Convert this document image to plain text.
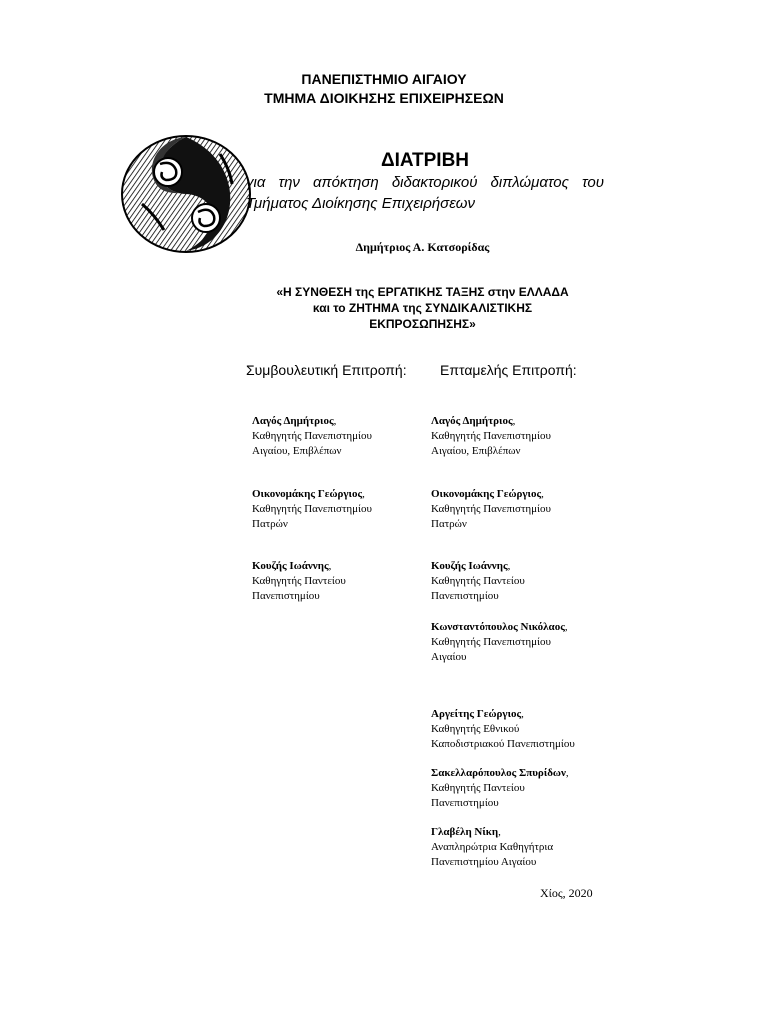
ΠΑΝΕΠΙΣΤΗΜΙΟ ΑΙΓΑΙΟΥ
ΤΜΗΜΑ ΔΙΟΙΚΗΣΗΣ ΕΠΙΧΕΙΡΗΣΕΩΝ
ΔΙΑΤΡΙΒΗ
για την απόκτηση διδακτορικού διπλώματος του Τμήματος Διοίκησης Επιχειρήσεων
Δημήτριος Α. Κατσορίδας
«Η ΣΥΝΘΕΣΗ της ΕΡΓΑΤΙΚΗΣ ΤΑΞΗΣ στην ΕΛΛΑΔΑ
και το ΖΗΤΗΜΑ της ΣΥΝΔΙΚΑΛΙΣΤΙΚΗΣ
ΕΚΠΡΟΣΩΠΗΣΗΣ»
Συμβουλευτική Επιτροπή: Επταμελής Επιτροπή:
Λαγός Δημήτριος,
Καθηγητής Πανεπιστημίου
Αιγαίου, Επιβλέπων
Οικονομάκης Γεώργιος,
Καθηγητής Πανεπιστημίου
Πατρών
Κουζής Ιωάννης,
Καθηγητής Παντείου
Πανεπιστημίου
Λαγός Δημήτριος,
Καθηγητής Πανεπιστημίου
Αιγαίου, Επιβλέπων
Οικονομάκης Γεώργιος,
Καθηγητής Πανεπιστημίου
Πατρών
Κουζής Ιωάννης,
Καθηγητής Παντείου
Πανεπιστημίου
Κωνσταντόπουλος Νικόλαος,
Καθηγητής Πανεπιστημίου
Αιγαίου
Αργείτης Γεώργιος,
Καθηγητής Εθνικού
Καποδιστριακού Πανεπιστημίου
Σακελλαρόπουλος Σπυρίδων,
Καθηγητής Παντείου
Πανεπιστημίου
Γλαβέλη Νίκη,
Αναπληρώτρια Καθηγήτρια
Πανεπιστημίου Αιγαίου
Χίος, 2020
